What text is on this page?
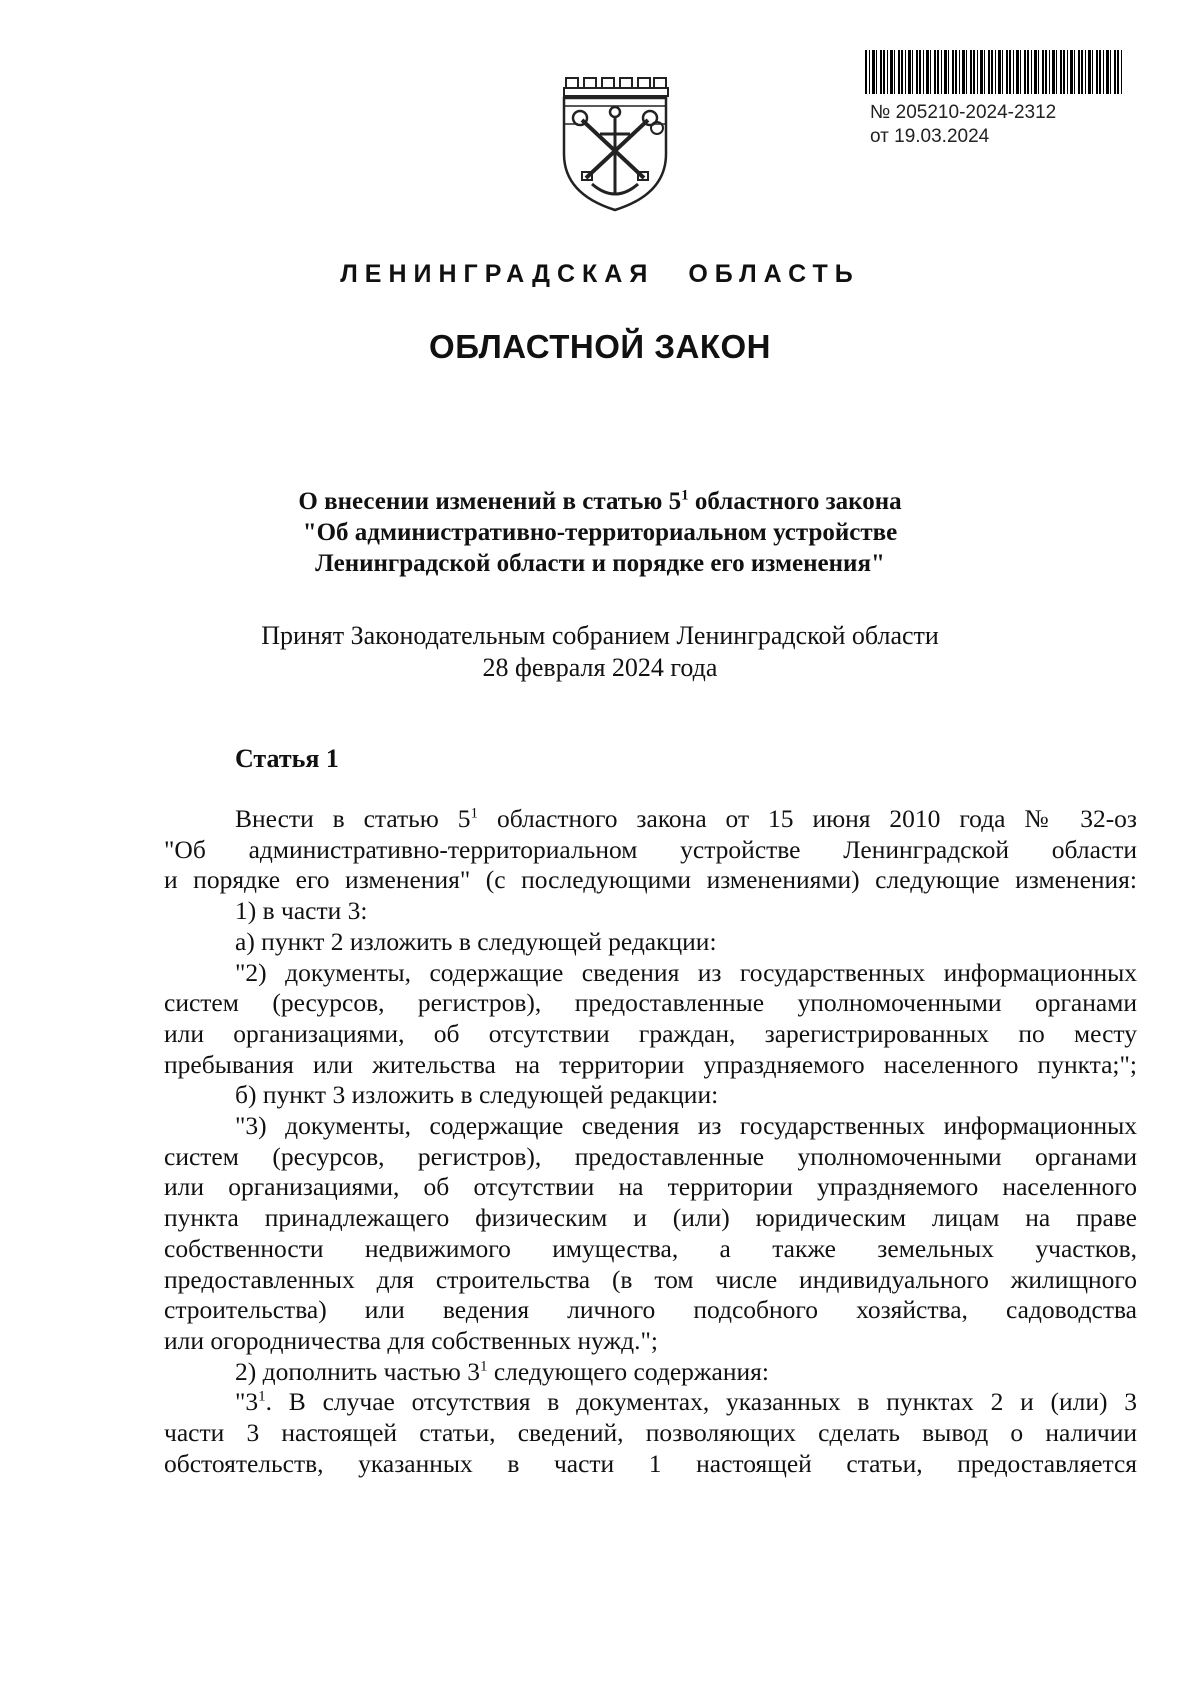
№ 205210-2024-2312
от 19.03.2024
ЛЕНИНГРАДСКАЯ ОБЛАСТЬ
ОБЛАСТНОЙ ЗАКОН
О внесении изменений в статью $5^1$ областного закона
"Об административно-территориальном устройстве
Ленинградской области и порядке его изменения"
Принят Законодательным собранием Ленинградской области
28 февраля 2024 года
Статья 1
Внести в статью $5^1$ областного закона от 15 июня 2010 года № 32-оз
"Об административно-территориальном устройстве Ленинградской области
и порядке его изменения" (с последующими изменениями) следующие изменения:
1) в части 3:
а) пункт 2 изложить в следующей редакции:
"2) документы, содержащие сведения из государственных информационных
систем (ресурсов, регистров), предоставленные уполномоченными органами
или организациями, об отсутствии граждан, зарегистрированных по месту
пребывания или жительства на территории упраздняемого населенного пункта;";
б) пункт 3 изложить в следующей редакции:
"3) документы, содержащие сведения из государственных информационных
систем (ресурсов, регистров), предоставленные уполномоченными органами
или организациями, об отсутствии на территории упраздняемого населенного
пункта принадлежащего физическим и (или) юридическим лицам на праве
собственности недвижимого имущества, а также земельных участков,
предоставленных для строительства (в том числе индивидуального жилищного
строительства) или ведения личного подсобного хозяйства, садоводства
или огородничества для собственных нужд.";
2) дополнить частью $3^1$ следующего содержания:
"$3^1$. В случае отсутствия в документах, указанных в пунктах 2 и (или) 3
части 3 настоящей статьи, сведений, позволяющих сделать вывод о наличии
обстоятельств, указанных в части 1 настоящей статьи, предоставляется
